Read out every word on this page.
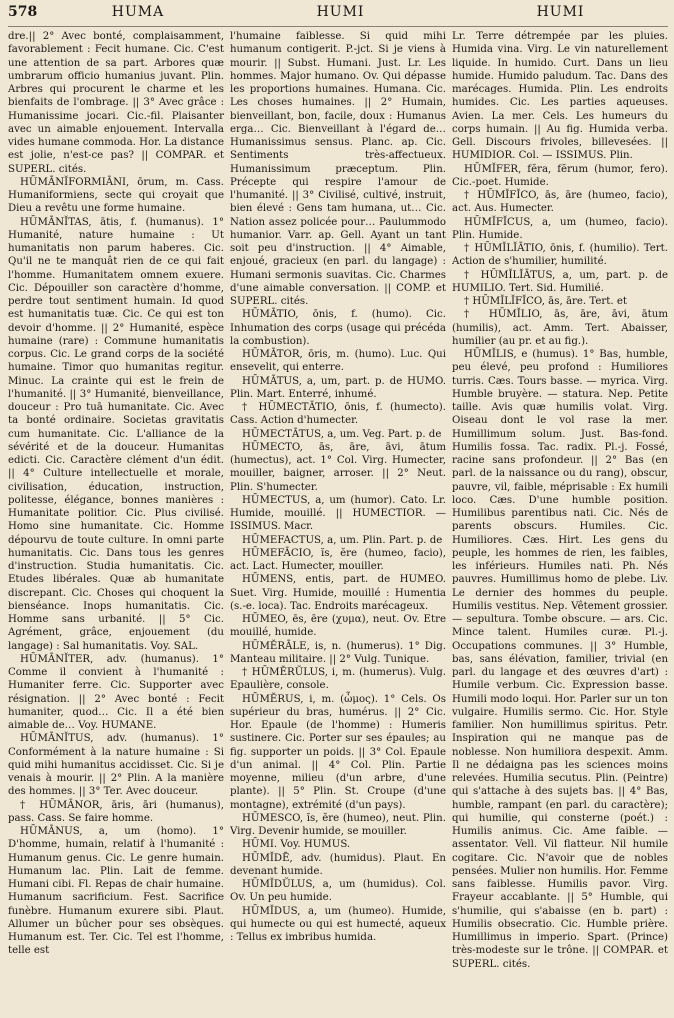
578	HUMA	HUMI	HUMI

dre.|| 2° Avec bonté, complaisamment, favorablement : Fecit humane. Cic. C'est une attention de sa part. Arbores quæ umbrarum officio humanius juvant. Plin. Arbres qui procurent le charme et les bienfaits de l'ombrage. || 3° Avec grâce : Humanissime jocari. Cic.-fil. Plaisanter avec un aimable enjouement. Intervalla vides humane commoda. Hor. La distance est jolie, n'est-ce pas? || COMPAR. et SUPERL. cités.

HŪMĀNĬFORMIĀNI, ōrum, m. Cass. Humaniformiens, secte qui croyait que Dieu a revêtu une forme humaine.

HŪMĀNĬTAS, ātis, f. (humanus). 1° Humanité, nature humaine : Ut humanitatis non parum haberes. Cic. Qu'il ne te manquât rien de ce qui fait l'homme. Humanitatem omnem exuere. Cic. Dépouiller son caractère d'homme, perdre tout sentiment humain. Id quod est humanitatis tuæ. Cic. Ce qui est ton devoir d'homme. || 2° Humanité, espèce humaine (rare) : Commune humanitatis corpus. Cic. Le grand corps de la société humaine. Timor quo humanitas regitur. Minuc. La crainte qui est le frein de l'humanité. || 3° Humanité, bienveillance, douceur : Pro tuā humanitate. Cic. Avec ta bonté ordinaire. Societas gravitatis cum humanitate. Cic. L'alliance de la sévérité et de la douceur. Humanitas edicti. Cic. Caractère clément d'un édit. || 4° Culture intellectuelle et morale, civilisation, éducation, instruction, politesse, élégance, bonnes manières : Humanitate politior. Cic. Plus civilisé. Homo sine humanitate. Cic. Homme dépourvu de toute culture. In omni parte humanitatis. Cic. Dans tous les genres d'instruction. Studia humanitatis. Cic. Etudes libérales. Quæ ab humanitate discrepant. Cic. Choses qui choquent la bienséance. Inops humanitatis. Cic. Homme sans urbanité. || 5° Cic. Agrément, grâce, enjouement (du langage) : Sal humanitatis. Voy. SAL.

HŪMĀNĬTER, adv. (humanus). 1° Comme il convient à l'humanité : Humaniter ferre. Cic. Supporter avec résignation. || 2° Avec bonté : Fecit humaniter, quod… Cic. Il a été bien aimable de… Voy. HUMANE.

HŪMĀNĬTUS, adv. (humanus). 1° Conformément à la nature humaine : Si quid mihi humanitus accidisset. Cic. Si je venais à mourir. || 2° Plin. A la manière des hommes. || 3° Ter. Avec douceur.

† HŪMĀNOR, āris, āri (humanus), pass. Cass. Se faire homme.

HŪMĀNUS, a, um (homo). 1° D'homme, humain, relatif à l'humanité : Humanum genus. Cic. Le genre humain. Humanum lac. Plin. Lait de femme. Humani cibi. Fl. Repas de chair humaine. Humanum sacrificium. Fest. Sacrifice funèbre. Humanum exurere sibi. Plaut. Allumer un bûcher pour ses obsèques. Humanum est. Ter. Cic. Tel est l'homme, telle est

l'humaine faiblesse. Si quid mihi humanum contigerit. P.-jct. Si je viens à mourir. || Subst. Humani. Just. Lr. Les hommes. Major humano. Ov. Qui dépasse les proportions humaines. Humana. Cic. Les choses humaines. || 2° Humain, bienveillant, bon, facile, doux : Humanus erga… Cic. Bienveillant à l'égard de… Humanissimus sensus. Planc. ap. Cic. Sentiments très-affectueux. Humanissimum præceptum. Plin. Précepte qui respire l'amour de l'humanité. || 3° Civilisé, cultivé, instruit, bien élevé : Gens tam humana, ut… Cic. Nation assez policée pour… Paulummodo humanior. Varr. ap. Gell. Ayant un tant soit peu d'instruction. || 4° Aimable, enjoué, gracieux (en parl. du langage) : Humani sermonis suavitas. Cic. Charmes d'une aimable conversation. || COMP. et SUPERL. cités.

HŪMĀTIO, ōnis, f. (humo). Cic. Inhumation des corps (usage qui précéda la combustion).

HŪMĀTOR, ōris, m. (humo). Luc. Qui ensevelit, qui enterre.

HŪMĀTUS, a, um, part. p. de HUMO. Plin. Mart. Enterré, inhumé.

† HŪMECTĀTIO, ōnis, f. (humecto). Cass. Action d'humecter.

HŪMECTĀTUS, a, um. Veg. Part. p. de

HŪMECTO, ās, āre, āvi, ātum (humectus), act. 1° Col. Virg. Humecter, mouiller, baigner, arroser. || 2° Neut. Plin. S'humecter.

HŪMECTUS, a, um (humor). Cato. Lr. Humide, mouillé. || HUMECTIOR. — ISSIMUS. Macr.

HŪMEFACTUS, a, um. Plin. Part. p. de

HŪMEFĀCIO, ĭs, ĕre (humeo, facio), act. Lact. Humecter, mouiller.

HŪMENS, entis, part. de HUMEO. Suet. Virg. Humide, mouillé : Humentia (s.-e. loca). Tac. Endroits marécageux.

HŪMEO, ēs, ēre (χυμα), neut. Ov. Etre mouillé, humide.

HŪMĔRĀLE, is, n. (humerus). 1° Dig. Manteau militaire. || 2° Vulg. Tunique.

† HŪMĔRŬLUS, i, m. (humerus). Vulg. Epaulière, console.

HŪMĔRUS, i, m. (ὦμος). 1° Cels. Os supérieur du bras, humérus. || 2° Cic. Hor. Epaule (de l'homme) : Humeris sustinere. Cic. Porter sur ses épaules; au fig. supporter un poids. || 3° Col. Epaule d'un animal. || 4° Col. Plin. Partie moyenne, milieu (d'un arbre, d'une plante). || 5° Plin. St. Croupe (d'une montagne), extrémité (d'un pays).

HŪMESCO, ĭs, ĕre (humeo), neut. Plin. Virg. Devenir humide, se mouiller.

HŪMI. Voy. HUMUS.

HŪMĬDĒ, adv. (humidus). Plaut. En devenant humide.

HŪMĬDŬLUS, a, um (humidus). Col. Ov. Un peu humide.

HŪMĬDUS, a, um (humeo). Humide, qui humecte ou qui est humecté, aqueux : Tellus ex imbribus humida.

Lr. Terre détrempée par les pluies. Humida vina. Virg. Le vin naturellement liquide. In humido. Curt. Dans un lieu humide. Humido paludum. Tac. Dans des marécages. Humida. Plin. Les endroits humides. Cic. Les parties aqueuses. Avien. La mer. Cels. Les humeurs du corps humain. || Au fig. Humida verba. Gell. Discours frivoles, billevesées. || HUMIDIOR. Col. — ISSIMUS. Plin.

HŪMĬFER, fĕra, fĕrum (humor, fero). Cic.-poet. Humide.

† HŪMĬFĬCO, ās, āre (humeo, facio), act. Aus. Humecter.

HŪMĬFĬCUS, a, um (humeo, facio). Plin. Humide.

† HŪMĬLĬĀTIO, ōnis, f. (humilio). Tert. Action de s'humilier, humilité.

† HŪMĬLĬĀTUS, a, um, part. p. de HUMILIO. Tert. Sid. Humilié.

† HŪMĬLĬFĬCO, ās, āre. Tert. et

† HŪMĬLIO, ās, āre, āvi, ātum (humilis), act. Amm. Tert. Abaisser, humilier (au pr. et au fig.).

HŪMĬLIS, e (humus). 1° Bas, humble, peu élevé, peu profond : Humiliores turris. Cæs. Tours basse. — myrica. Virg. Humble bruyère. — statura. Nep. Petite taille. Avis quæ humilis volat. Virg. Oiseau dont le vol rase la mer. Humillimum solum. Just. Bas-fond. Humilis fossa. Tac. radix. Pl.-j. Fossé, racine sans profondeur. || 2° Bas (en parl. de la naissance ou du rang), obscur, pauvre, vil, faible, méprisable : Ex humili loco. Cæs. D'une humble position. Humilibus parentibus nati. Cic. Nés de parents obscurs. Humiles. Cic. Humiliores. Cæs. Hirt. Les gens du peuple, les hommes de rien, les faibles, les inférieurs. Humiles nati. Ph. Nés pauvres. Humillimus homo de plebe. Liv. Le dernier des hommes du peuple. Humilis vestitus. Nep. Vêtement grossier. — sepultura. Tombe obscure. — ars. Cic. Mince talent. Humiles curæ. Pl.-j. Occupations communes. || 3° Humble, bas, sans élévation, familier, trivial (en parl. du langage et des œuvres d'art) : Humile verbum. Cic. Expression basse. Humili modo loqui. Hor. Parler sur un ton vulgaire. Humilis sermo. Cic. Hor. Style familier. Non humillimus spiritus. Petr. Inspiration qui ne manque pas de noblesse. Non humiliora despexit. Amm. Il ne dédaigna pas les sciences moins relevées. Humilia secutus. Plin. (Peintre) qui s'attache à des sujets bas. || 4° Bas, humble, rampant (en parl. du caractère); qui humilie, qui consterne (poét.) : Humilis animus. Cic. Ame faible. — assentator. Vell. Vil flatteur. Nil humile cogitare. Cic. N'avoir que de nobles pensées. Mulier non humilis. Hor. Femme sans faiblesse. Humilis pavor. Virg. Frayeur accablante. || 5° Humble, qui s'humilie, qui s'abaisse (en b. part) : Humilis obsecratio. Cic. Humble prière. Humillimus in imperio. Spart. (Prince) très-modeste sur le trône. || COMPAR. et SUPERL. cités.
